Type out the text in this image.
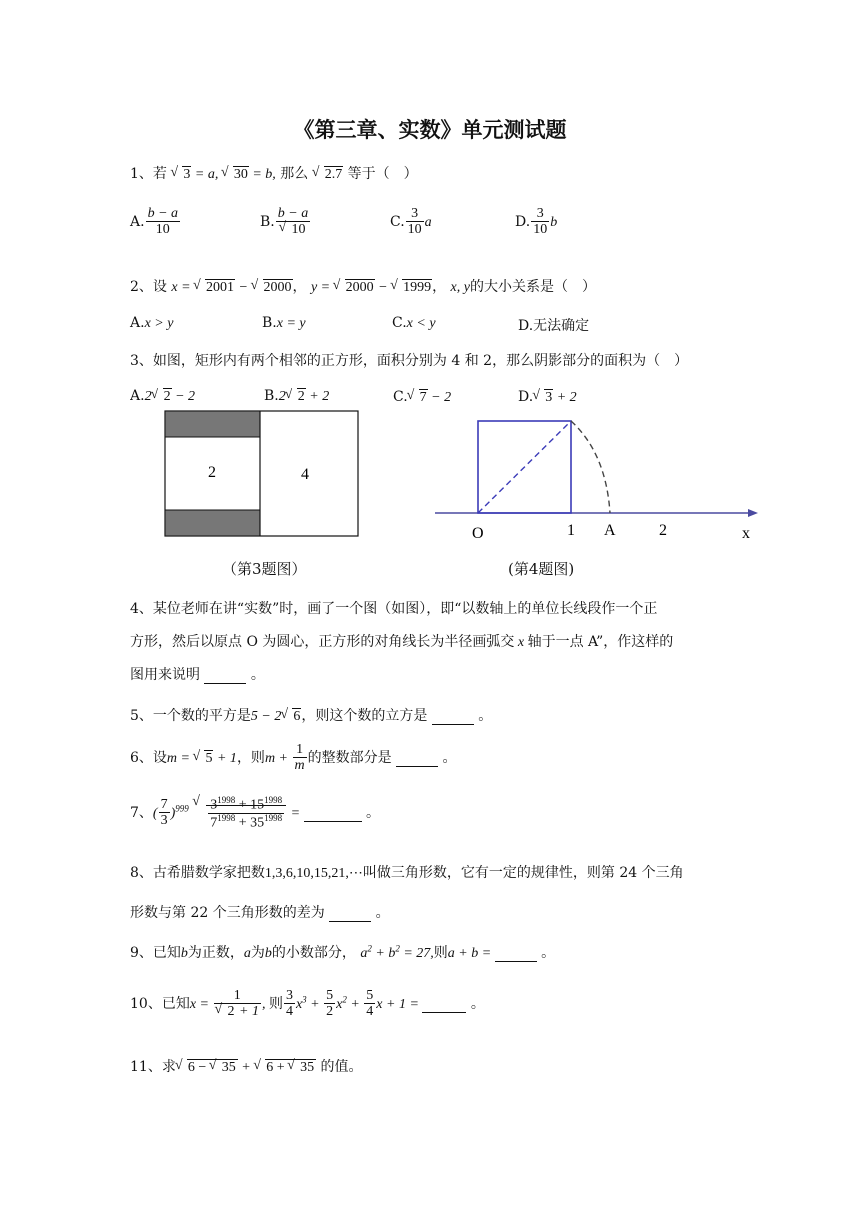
《第三章、实数》单元测试题
1、若 √ 3 = a, √ 30 = b, 那么 √ 2.7 等于（　）
A. $\frac{b - a}{10}$	B. b − a
√ 10	C. $\frac{3}{10}$ a	D. $\frac{3}{10}$ b
2、设 x = √ 2001 − √ 2000， y = √ 2000 − √ 1999， x, y的大小关系是（　）
A.x > y	B.x = y	C.x < y	D.无法确定
3、如图，矩形内有两个相邻的正方形，面积分别为 4 和 2，那么阴影部分的面积为（　）
A.2 √ 2 − 2	B.2 √ 2 + 2	C. √ 7 − 2	D. √ 3 + 2
2	4
（第3题图）
O	1 A	2	x
(第4题图)
4、某位老师在讲“实数”时，画了一个图（如图），即“以数轴上的单位长线段作一个正
方形，然后以原点 O 为圆心，正方形的对角线长为半径画弧交 x 轴于一点 A”，作这样的
图用来说明	。
5、一个数的平方是5 − 2 √ 6，则这个数的立方是	。
6、设m = √ 5 + 1，则$m + \frac{1}{m}$ 的整数部分是	。
7、( $\frac{7}{3} )^{999}$ √ $\frac{3^{1998} + 15^{1998}}{7^{1998} + 35^{1998}}$ =	。
8、古希腊数学家把数1,3,6,10,15,21,⋯叫做三角形数，它有一定的规律性，则第 24 个三角
形数与第 22 个三角形数的差为	。
9、已知b为正数，a为b的小数部分， $a^2 + b^2 = 27$,则a + b =	。
10、已知x = 1
√ 2 + 1 , 则 $\frac{3}{4} x^3 + \frac{5}{2} x^2 + \frac{5}{4}$ x + 1 =	。
11、求 √ 6 − √ 35 + √ 6 + √ 35 的值。
